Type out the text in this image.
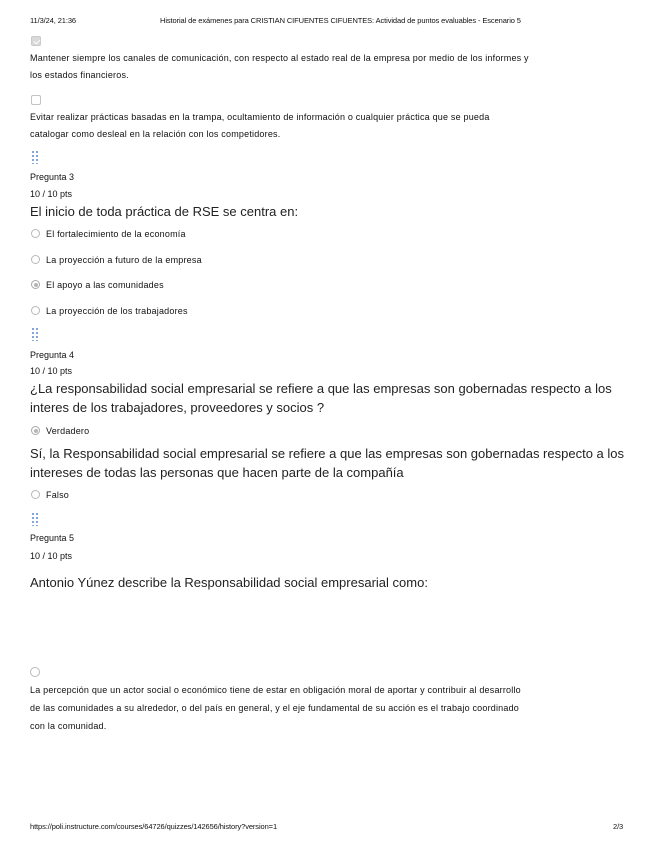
11/3/24, 21:36	Historial de exámenes para CRISTIAN CIFUENTES CIFUENTES: Actividad de puntos evaluables - Escenario 5
Mantener siempre los canales de comunicación, con respecto al estado real de la empresa por medio de los informes y
los estados financieros.
Evitar realizar prácticas basadas en la trampa, ocultamiento de información o cualquier práctica que se pueda
catalogar como desleal en la relación con los competidores.
Pregunta 3
10 / 10 pts
El inicio de toda práctica de RSE se centra en:
El fortalecimiento de la economía
La proyección a futuro de la empresa
El apoyo a las comunidades
La proyección de los trabajadores
Pregunta 4
10 / 10 pts
¿La responsabilidad social empresarial se refiere a que las empresas son gobernadas respecto a los
interes de los trabajadores, proveedores y socios ?
Verdadero
Sí, la Responsabilidad social empresarial se refiere a que las empresas son gobernadas respecto a los
intereses de todas las personas que hacen parte de la compañía
Falso
Pregunta 5
10 / 10 pts
Antonio Yúnez describe la Responsabilidad social empresarial como:
La percepción que un actor social o económico tiene de estar en obligación moral de aportar y contribuir al desarrollo
de las comunidades a su alrededor, o del país en general, y el eje fundamental de su acción es el trabajo coordinado
con la comunidad.
https://poli.instructure.com/courses/64726/quizzes/142656/history?version=1	2/3
